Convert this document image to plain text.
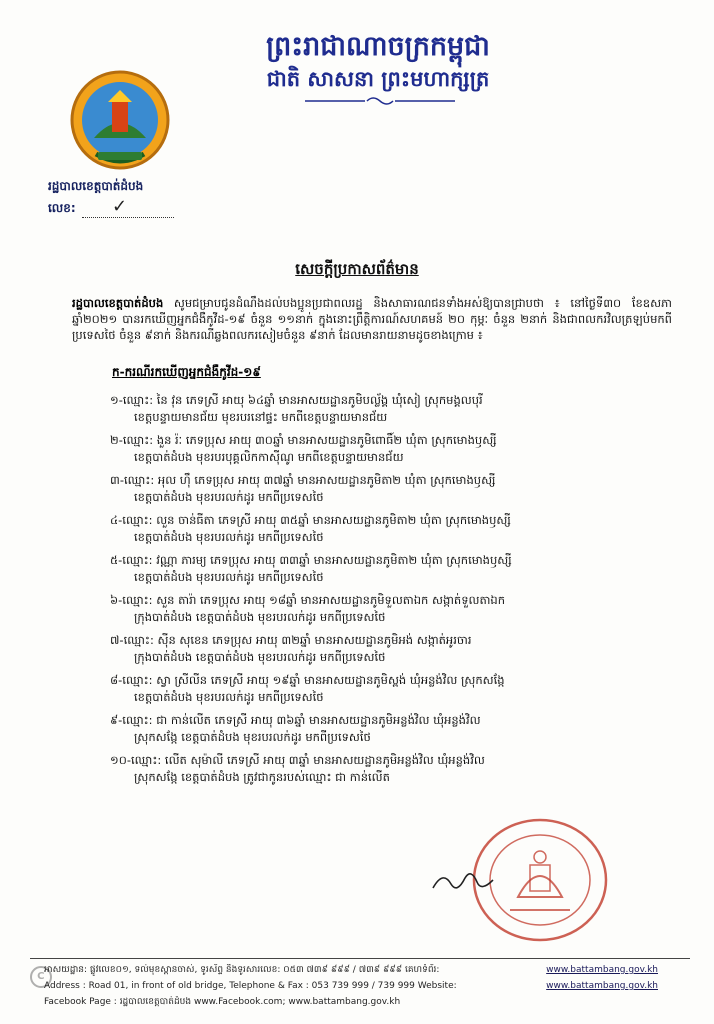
ព្រះរាជាណាចក្រកម្ពុជា
ជាតិ សាសនា ព្រះមហាក្សត្រ
រដ្ឋបាលខេត្តបាត់ដំបង
លេខ:	✓
សេចក្តីប្រកាសព័ត៌មាន
រដ្ឋបាលខេត្តបាត់ដំបង សូមជម្រាបជូនដំណឹងដល់បងប្អូនប្រជាពលរដ្ឋ និងសាធារណជនទាំងអស់ឱ្យបានជ្រាបថា ៖ នៅថ្ងៃទី៣០ ខែឧសភា ឆ្នាំ២០២១ បានរកឃើញអ្នកជំងឺកូវីដ-១៩ ចំនួន ១១នាក់ ក្នុងនោះព្រឹត្តិការណ៍សហគមន៍ ២០ កុម្ភៈ ចំនួន ២នាក់ និងជាពលករវិលត្រឡប់មកពីប្រទេសថៃ ចំនួន ៩នាក់ និងករណីឆ្លងពលករសៀមចំនួន ៩នាក់ ដែលមានរាយនាមដូចខាងក្រោម ៖
ក-ករណីរកឃើញអ្នកជំងឺកូវីដ-១៩
១-ឈ្មោះ: នៃ វុន ភេទស្រី អាយុ ៦៤ឆ្នាំ មានអាសយដ្ឋានភូមិបល្ល័ង្គ ឃុំសៀ ស្រុកមង្គលបុរី
ខេត្តបន្ទាយមានជ័យ មុខរបរនៅផ្ទះ មកពីខេត្តបន្ទាយមានជ័យ
២-ឈ្មោះ: ងួន រ៉ៈ ភេទប្រុស អាយុ ៣០ឆ្នាំ មានអាសយដ្ឋានភូមិពោធិ៍២ ឃុំតា ស្រុកមោងឫស្សី
ខេត្តបាត់ដំបង មុខរបរបុគ្គលិកកាស៊ីណូ មកពីខេត្តបន្ទាយមានជ័យ
៣-ឈ្មោះ: អុល ហ៊ឹ ភេទប្រុស អាយុ ៣៧ឆ្នាំ មានអាសយដ្ឋានភូមិតា២ ឃុំតា ស្រុកមោងឫស្សី
ខេត្តបាត់ដំបង មុខរបរលក់ដូរ មកពីប្រទេសថៃ
៤-ឈ្មោះ: លួន ចាន់ធីតា ភេទស្រី អាយុ ៣៥ឆ្នាំ មានអាសយដ្ឋានភូមិតា២ ឃុំតា ស្រុកមោងឫស្សី
ខេត្តបាត់ដំបង មុខរបរលក់ដូរ មកពីប្រទេសថៃ
៥-ឈ្មោះ: វណ្ណា ភារម្យ ភេទប្រុស អាយុ ៣៣ឆ្នាំ មានអាសយដ្ឋានភូមិតា២ ឃុំតា ស្រុកមោងឫស្សី
ខេត្តបាត់ដំបង មុខរបរលក់ដូរ មកពីប្រទេសថៃ
៦-ឈ្មោះ: សួន តារ៉ា ភេទប្រុស អាយុ ១៨ឆ្នាំ មានអាសយដ្ឋានភូមិទួលតាឯក សង្កាត់ទួលតាឯក
ក្រុងបាត់ដំបង ខេត្តបាត់ដំបង មុខរបរលក់ដូរ មកពីប្រទេសថៃ
៧-ឈ្មោះ: ស៊ីន សុខេន ភេទប្រុស អាយុ ៣២ឆ្នាំ មានអាសយដ្ឋានភូមិអង់ សង្កាត់អូរចារ
ក្រុងបាត់ដំបង ខេត្តបាត់ដំបង មុខរបរលក់ដូរ មកពីប្រទេសថៃ
៨-ឈ្មោះ: ស្វា ស្រីលីន ភេទស្រី អាយុ ១៩ឆ្នាំ មានអាសយដ្ឋានភូមិស្ពង់ ឃុំអន្លង់វិល ស្រុកសង្កែ
ខេត្តបាត់ដំបង មុខរបរលក់ដូរ មកពីប្រទេសថៃ
៩-ឈ្មោះ: ជា កាន់លើត ភេទស្រី អាយុ ៣៦ឆ្នាំ មានអាសយដ្ឋានភូមិអន្លង់វិល ឃុំអន្លង់វិល
ស្រុកសង្កែ ខេត្តបាត់ដំបង មុខរបរលក់ដូរ មកពីប្រទេសថៃ
១០-ឈ្មោះ: លើត សុម៉ាលី ភេទស្រី អាយុ ៣ឆ្នាំ មានអាសយដ្ឋានភូមិអន្លង់វិល ឃុំអន្លង់វិល
ស្រុកសង្កែ ខេត្តបាត់ដំបង ត្រូវជាកូនរបស់ឈ្មោះ ជា កាន់លើត
C
អាសយដ្ឋាន: ផ្លូវលេខ០១, ទល់មុខស្ពានចាស់, ទូរស័ព្ទ និងទូរសារលេខ: ០៥៣ ៧៣៩ ៩៩៩ / ៧៣៩ ៩៩៩ គេហទំព័រ:	www.battambang.gov.kh
Address : Road 01, in front of old bridge, Telephone & Fax : 053 739 999 / 739 999 Website:	www.battambang.gov.kh
Facebook Page : រដ្ឋបាលខេត្តបាត់ដំបង www.Facebook.com; www.battambang.gov.kh
